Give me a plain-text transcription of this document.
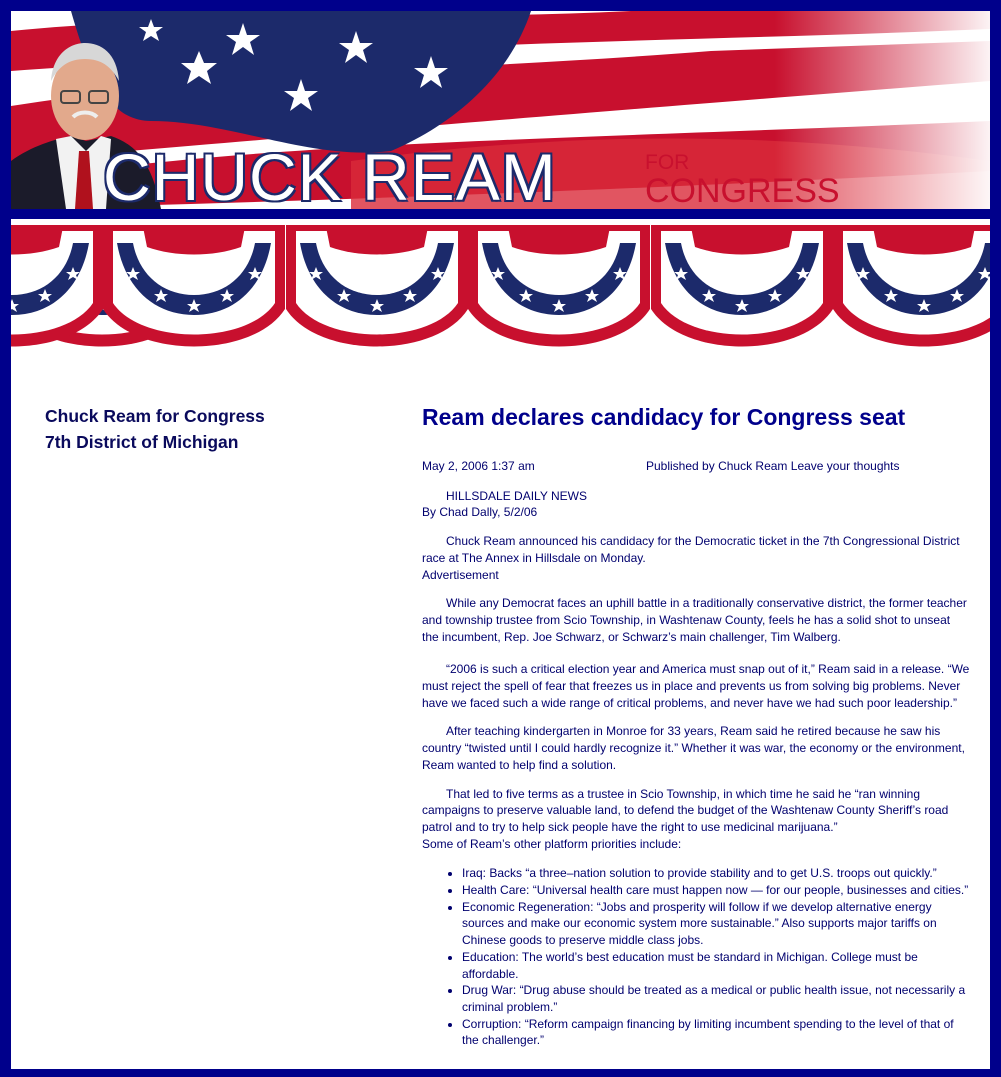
CHUCK REAM	FOR
CONGRESS
Chuck Ream for Congress
7th District of Michigan
Ream declares candidacy for Congress seat
May 2, 2006 1:37 am	Published by Chuck Ream Leave your thoughts

HILLSDALE DAILY NEWS
By Chad Dally, 5/2/06

Chuck Ream announced his candidacy for the Democratic ticket in the 7th Congressional District race at The Annex in Hillsdale on Monday.
Advertisement

While any Democrat faces an uphill battle in a traditionally conservative district, the former teacher and township trustee from Scio Township, in Washtenaw County, feels he has a solid shot to unseat the incumbent, Rep. Joe Schwarz, or Schwarz’s main challenger, Tim Walberg.

“2006 is such a critical election year and America must snap out of it,” Ream said in a release. “We must reject the spell of fear that freezes us in place and prevents us from solving big problems. Never have we faced such a wide range of critical problems, and never have we had such poor leadership.”

After teaching kindergarten in Monroe for 33 years, Ream said he retired because he saw his country “twisted until I could hardly recognize it.” Whether it was war, the economy or the environment, Ream wanted to help find a solution.

That led to five terms as a trustee in Scio Township, in which time he said he “ran winning campaigns to preserve valuable land, to defend the budget of the Washtenaw County Sheriff’s road patrol and to try to help sick people have the right to use medicinal marijuana.”
Some of Ream’s other platform priorities include:

• Iraq: Backs “a three–nation solution to provide stability and to get U.S. troops out quickly.”
• Health Care: “Universal health care must happen now — for our people, businesses and cities.”
• Economic Regeneration: “Jobs and prosperity will follow if we develop alternative energy sources and make our economic system more sustainable.” Also supports major tariffs on Chinese goods to preserve middle class jobs.
• Education: The world’s best education must be standard in Michigan. College must be affordable.
• Drug War: “Drug abuse should be treated as a medical or public health issue, not necessarily a criminal problem.”
• Corruption: “Reform campaign financing by limiting incumbent spending to the level of that of the challenger.”
